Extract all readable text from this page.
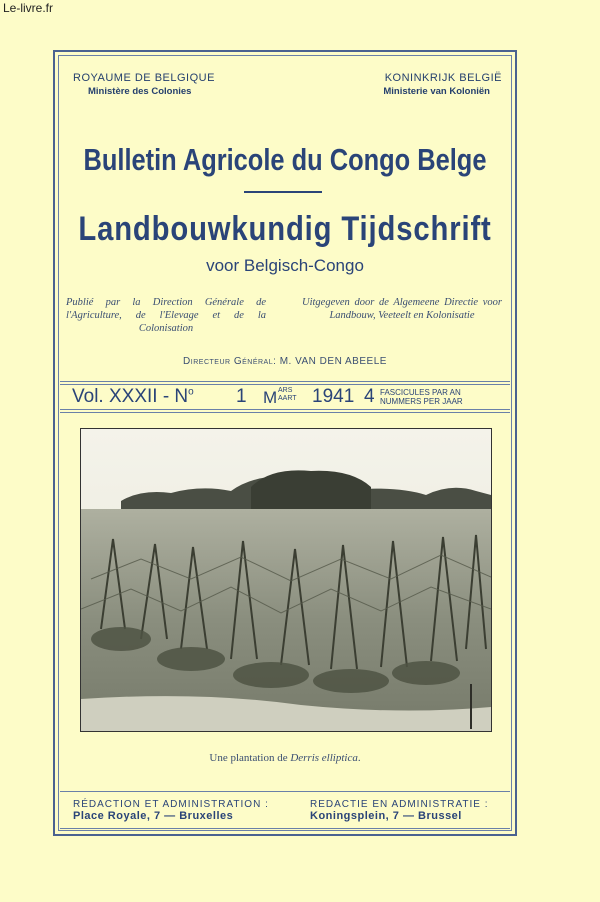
Le-livre.fr
ROYAUME DE BELGIQUE
Ministère des Colonies
KONINKRIJK BELGIË
Ministerie van Koloniën
Bulletin Agricole du Congo Belge
Landbouwkundig Tijdschrift
voor Belgisch-Congo
Publié par la Direction Générale de l'Agriculture, de l'Elevage et de la Colonisation
Uitgegeven door de Algemeene Directie voor Landbouw, Veeteelt en Kolonisatie
Directeur Général: M. VAN DEN ABEELE
Vol. XXXII - $N^o$ 1 M ARS
AART 1941 4 FASCICULES PAR AN
NUMMERS PER JAAR
Une plantation de Derris elliptica.
RÉDACTION ET ADMINISTRATION :
Place Royale, 7 — Bruxelles
REDACTIE EN ADMINISTRATIE :
Koningsplein, 7 — Brussel
